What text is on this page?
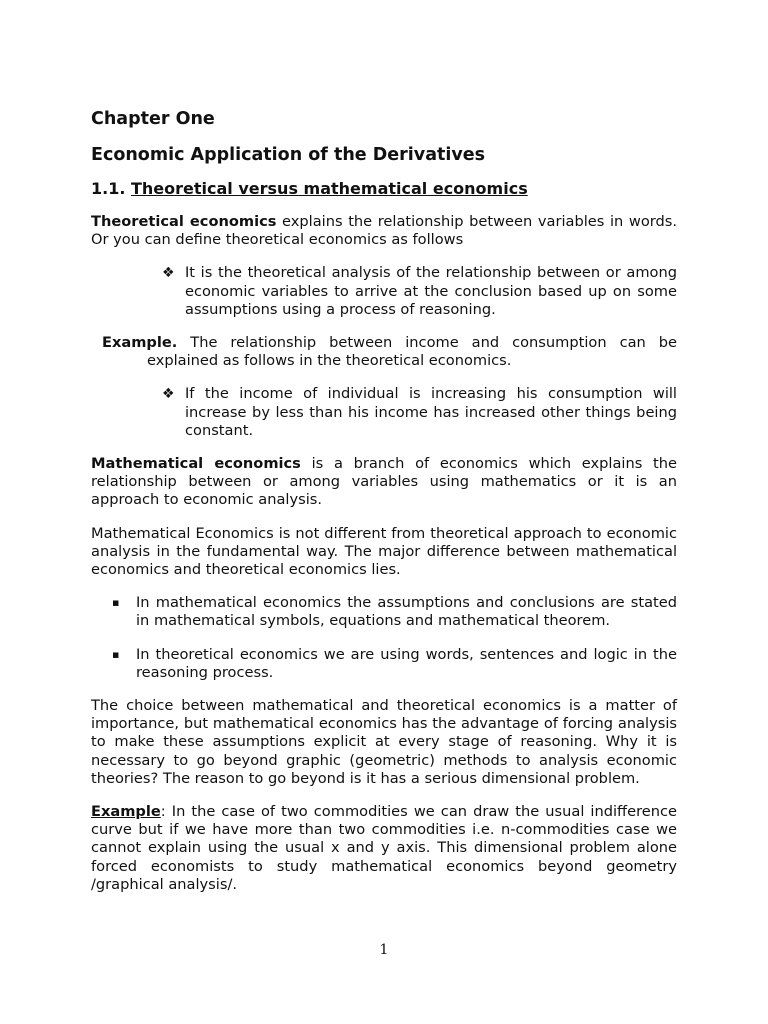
Chapter One
Economic Application of the Derivatives
1.1. Theoretical versus mathematical economics

Theoretical economics explains the relationship between variables in words. Or you can define theoretical economics as follows

❖ It is the theoretical analysis of the relationship between or among economic variables to arrive at the conclusion based up on some assumptions using a process of reasoning.

Example. The relationship between income and consumption can be explained as follows in the theoretical economics.

❖ If the income of individual is increasing his consumption will increase by less than his income has increased other things being constant.

Mathematical economics is a branch of economics which explains the relationship between or among variables using mathematics or it is an approach to economic analysis.

Mathematical Economics is not different from theoretical approach to economic analysis in the fundamental way. The major difference between mathematical economics and theoretical economics lies.

▪ In mathematical economics the assumptions and conclusions are stated in mathematical symbols, equations and mathematical theorem.
▪ In theoretical economics we are using words, sentences and logic in the reasoning process.

The choice between mathematical and theoretical economics is a matter of importance, but mathematical economics has the advantage of forcing analysis to make these assumptions explicit at every stage of reasoning. Why it is necessary to go beyond graphic (geometric) methods to analysis economic theories? The reason to go beyond is it has a serious dimensional problem.

Example: In the case of two commodities we can draw the usual indifference curve but if we have more than two commodities i.e. n-commodities case we cannot explain using the usual x and y axis. This dimensional problem alone forced economists to study mathematical economics beyond geometry /graphical analysis/.

1
